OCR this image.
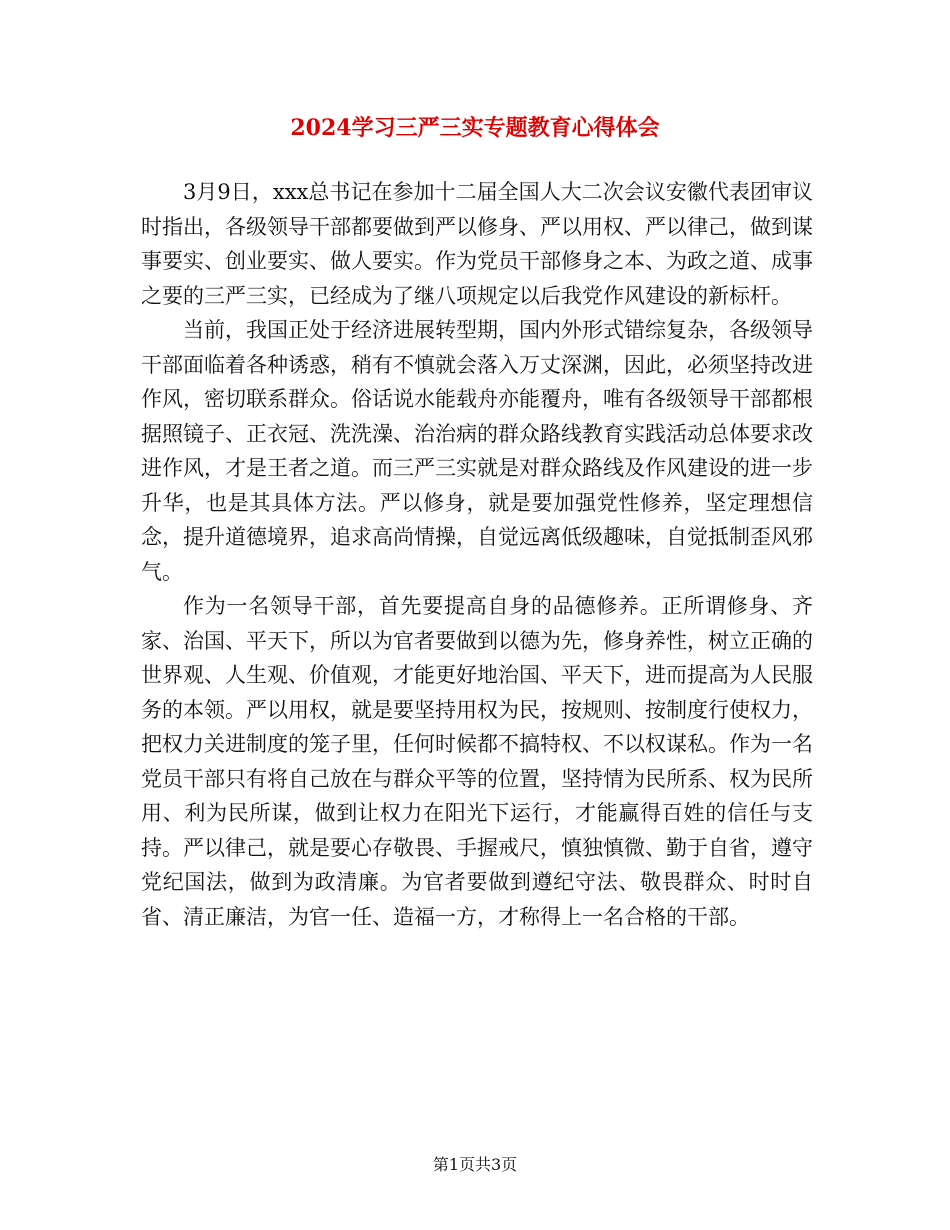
2024学习三严三实专题教育心得体会

3月9日，xxx总书记在参加十二届全国人大二次会议安徽代表团审议时指出，各级领导干部都要做到严以修身、严以用权、严以律己，做到谋事要实、创业要实、做人要实。作为党员干部修身之本、为政之道、成事之要的三严三实，已经成为了继八项规定以后我党作风建设的新标杆。

当前，我国正处于经济进展转型期，国内外形式错综复杂，各级领导干部面临着各种诱惑，稍有不慎就会落入万丈深渊，因此，必须坚持改进作风，密切联系群众。俗话说水能载舟亦能覆舟，唯有各级领导干部都根据照镜子、正衣冠、洗洗澡、治治病的群众路线教育实践活动总体要求改进作风，才是王者之道。而三严三实就是对群众路线及作风建设的进一步升华，也是其具体方法。严以修身，就是要加强党性修养，坚定理想信念，提升道德境界，追求高尚情操，自觉远离低级趣味，自觉抵制歪风邪气。

作为一名领导干部，首先要提高自身的品德修养。正所谓修身、齐家、治国、平天下，所以为官者要做到以德为先，修身养性，树立正确的世界观、人生观、价值观，才能更好地治国、平天下，进而提高为人民服务的本领。严以用权，就是要坚持用权为民，按规则、按制度行使权力，把权力关进制度的笼子里，任何时候都不搞特权、不以权谋私。作为一名党员干部只有将自己放在与群众平等的位置，坚持情为民所系、权为民所用、利为民所谋，做到让权力在阳光下运行，才能赢得百姓的信任与支持。严以律己，就是要心存敬畏、手握戒尺，慎独慎微、勤于自省，遵守党纪国法，做到为政清廉。为官者要做到遵纪守法、敬畏群众、时时自省、清正廉洁，为官一任、造福一方，才称得上一名合格的干部。

第1页共3页
